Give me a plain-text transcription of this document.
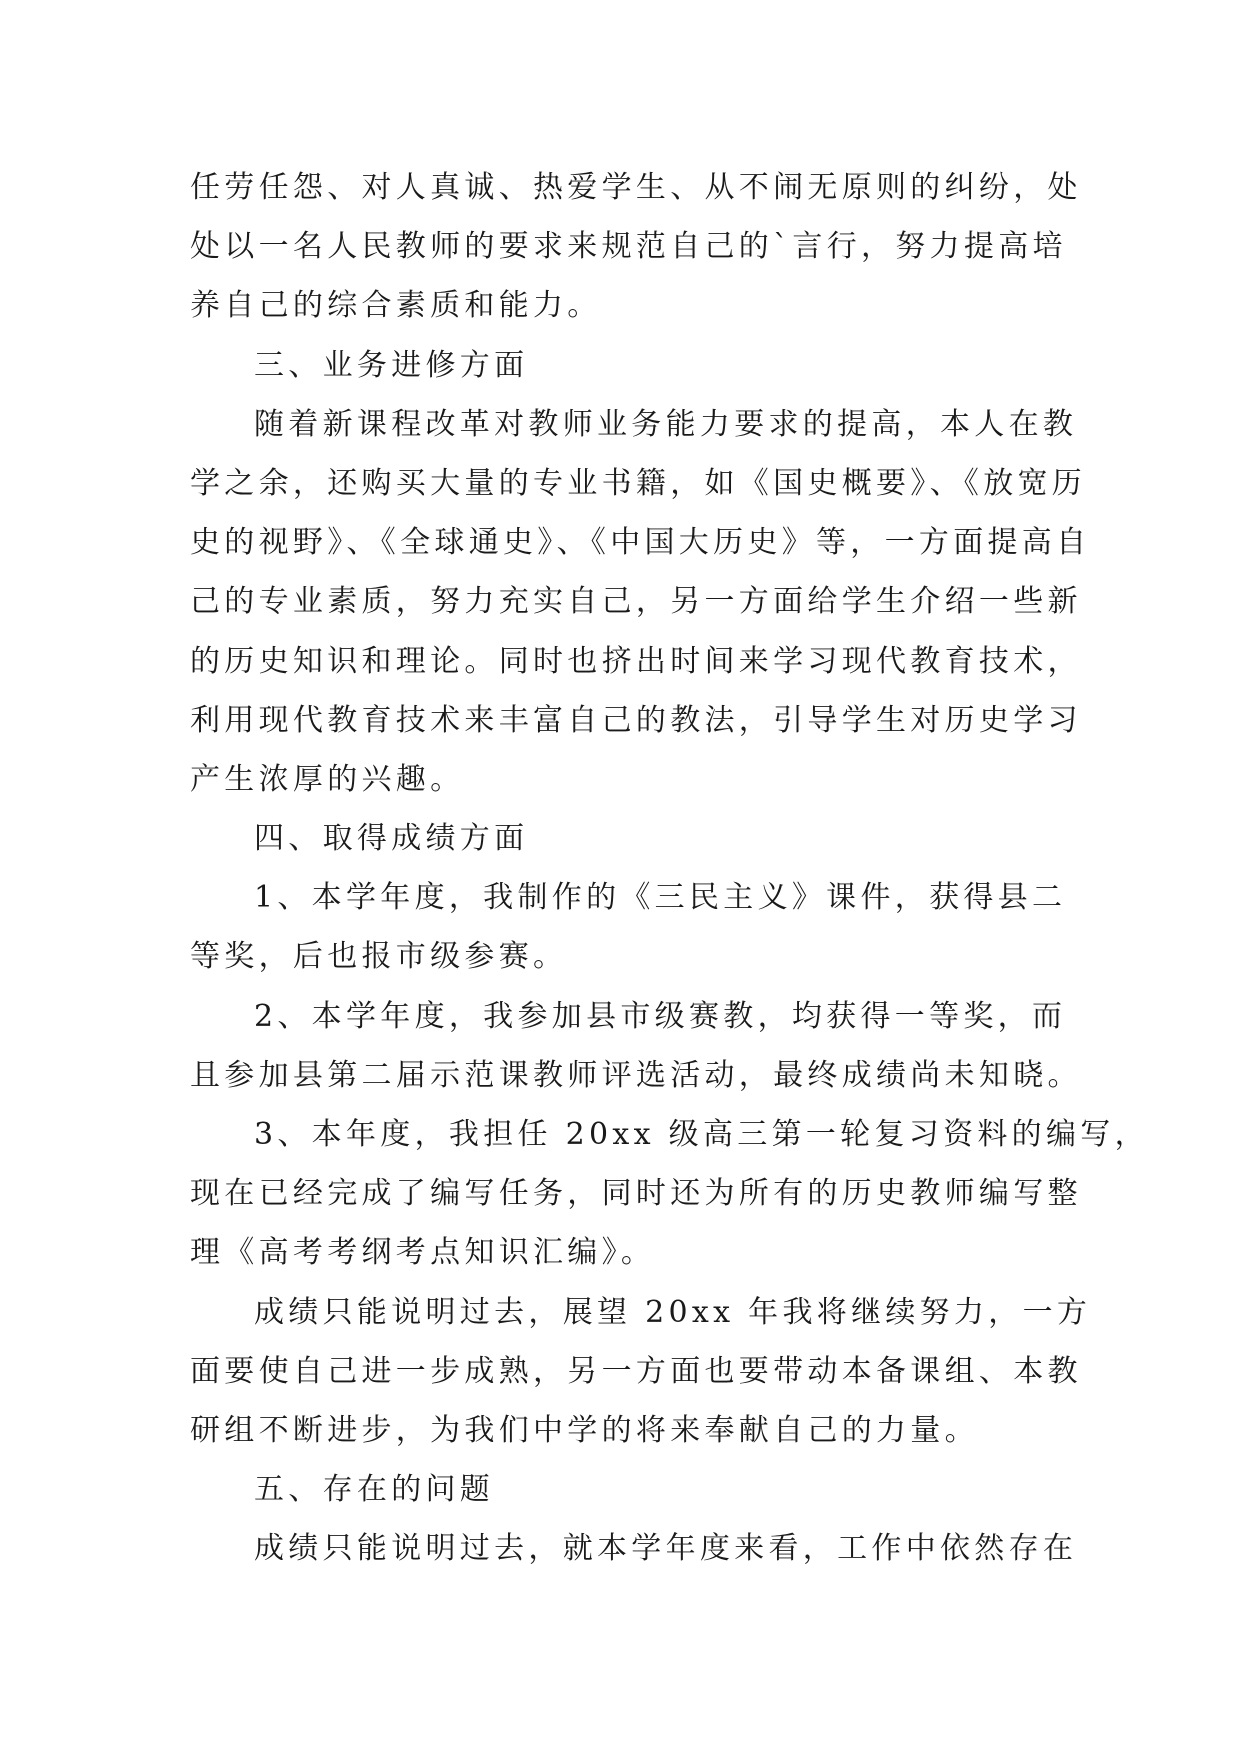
任劳任怨、对人真诚、热爱学生、从不闹无原则的纠纷，处
处以一名人民教师的要求来规范自己的`言行，努力提高培
养自己的综合素质和能力。
三、业务进修方面
随着新课程改革对教师业务能力要求的提高，本人在教
学之余，还购买大量的专业书籍，如《国史概要》、《放宽历
史的视野》、《全球通史》、《中国大历史》等，一方面提高自
己的专业素质，努力充实自己，另一方面给学生介绍一些新
的历史知识和理论。同时也挤出时间来学习现代教育技术，
利用现代教育技术来丰富自己的教法，引导学生对历史学习
产生浓厚的兴趣。
四、取得成绩方面
1、本学年度，我制作的《三民主义》课件，获得县二
等奖，后也报市级参赛。
2、本学年度，我参加县市级赛教，均获得一等奖，而
且参加县第二届示范课教师评选活动，最终成绩尚未知晓。
3、本年度，我担任 20xx 级高三第一轮复习资料的编写，
现在已经完成了编写任务，同时还为所有的历史教师编写整
理《高考考纲考点知识汇编》。
成绩只能说明过去，展望 20xx 年我将继续努力，一方
面要使自己进一步成熟，另一方面也要带动本备课组、本教
研组不断进步，为我们中学的将来奉献自己的力量。
五、存在的问题
成绩只能说明过去，就本学年度来看，工作中依然存在
